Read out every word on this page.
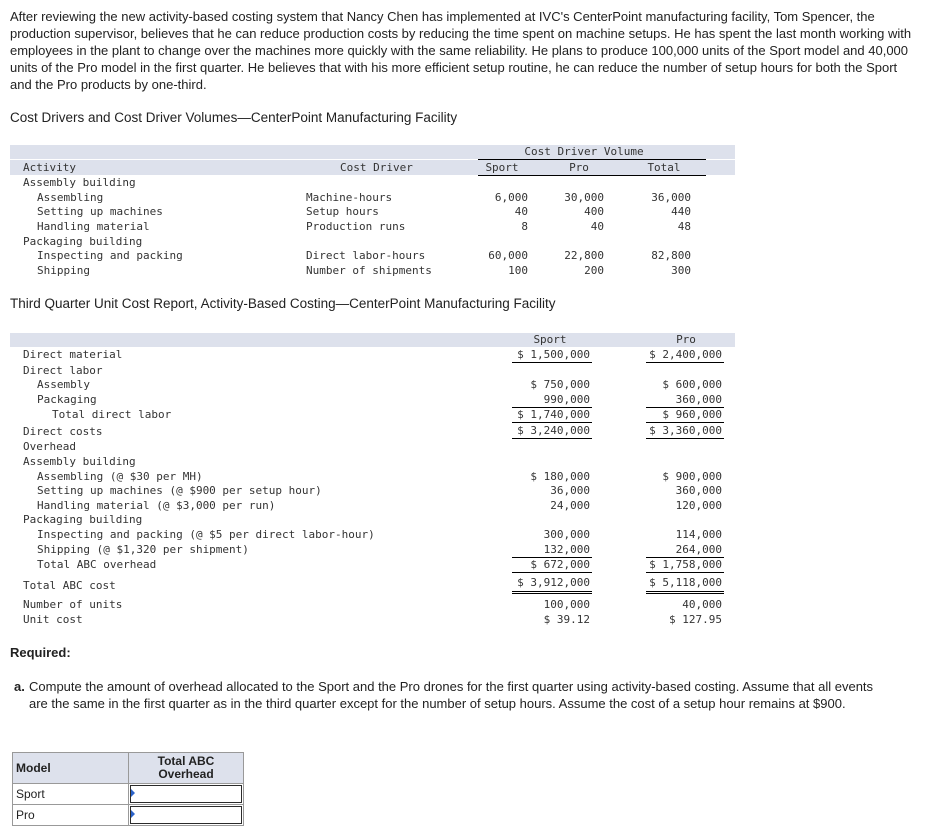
After reviewing the new activity-based costing system that Nancy Chen has implemented at IVC's CenterPoint manufacturing facility, Tom Spencer, the production supervisor, believes that he can reduce production costs by reducing the time spent on machine setups. He has spent the last month working with employees in the plant to change over the machines more quickly with the same reliability. He plans to produce 100,000 units of the Sport model and 40,000 units of the Pro model in the first quarter. He believes that with his more efficient setup routine, he can reduce the number of setup hours for both the Sport and the Pro products by one-third.
Cost Drivers and Cost Driver Volumes—CenterPoint Manufacturing Facility
Cost Driver Volume
Activity	Cost Driver	Sport	Pro	Total
Assembly building
Assembling	Machine-hours	6,000	30,000	36,000
Setting up machines	Setup hours	40	400	440
Handling material	Production runs	8	40	48
Packaging building
Inspecting and packing	Direct labor-hours	60,000	22,800	82,800
Shipping	Number of shipments	100	200	300
Third Quarter Unit Cost Report, Activity-Based Costing—CenterPoint Manufacturing Facility
Sport	Pro
Direct material	$ 1,500,000	$ 2,400,000
Direct labor
Assembly	$ 750,000	$ 600,000
Packaging	990,000	360,000
Total direct labor	$ 1,740,000	$ 960,000
Direct costs	$ 3,240,000	$ 3,360,000
Overhead
Assembly building
Assembling (@ $30 per MH)	$ 180,000	$ 900,000
Setting up machines (@ $900 per setup hour)	36,000	360,000
Handling material (@ $3,000 per run)	24,000	120,000
Packaging building
Inspecting and packing (@ $5 per direct labor-hour)	300,000	114,000
Shipping (@ $1,320 per shipment)	132,000	264,000
Total ABC overhead	$ 672,000	$ 1,758,000
Total ABC cost	$ 3,912,000	$ 5,118,000
Number of units	100,000	40,000
Unit cost	$ 39.12	$ 127.95
Required:
a. Compute the amount of overhead allocated to the Sport and the Pro drones for the first quarter using activity-based costing. Assume that all events are the same in the first quarter as in the third quarter except for the number of setup hours. Assume the cost of a setup hour remains at $900.
Model	Total ABC Overhead
Sport	

Pro	
